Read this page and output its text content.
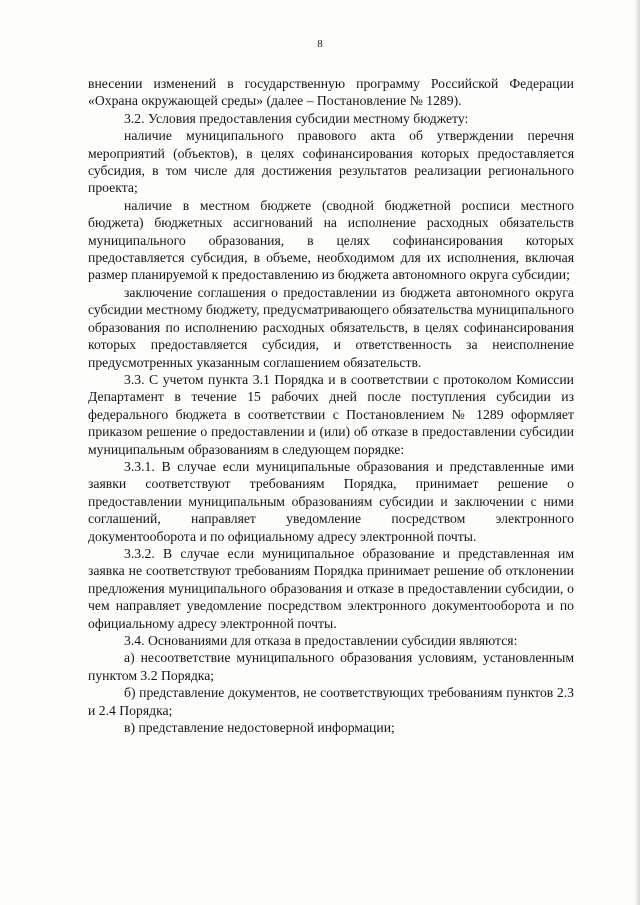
8

внесении изменений в государственную программу Российской Федерации «Охрана окружающей среды» (далее – Постановление № 1289).

3.2. Условия предоставления субсидии местному бюджету:

наличие муниципального правового акта об утверждении перечня мероприятий (объектов), в целях софинансирования которых предоставляется субсидия, в том числе для достижения результатов реализации регионального проекта;

наличие в местном бюджете (сводной бюджетной росписи местного бюджета) бюджетных ассигнований на исполнение расходных обязательств муниципального образования, в целях софинансирования которых предоставляется субсидия, в объеме, необходимом для их исполнения, включая размер планируемой к предоставлению из бюджета автономного округа субсидии;

заключение соглашения о предоставлении из бюджета автономного округа субсидии местному бюджету, предусматривающего обязательства муниципального образования по исполнению расходных обязательств, в целях софинансирования которых предоставляется субсидия, и ответственность за неисполнение предусмотренных указанным соглашением обязательств.

3.3. С учетом пункта 3.1 Порядка и в соответствии с протоколом Комиссии Департамент в течение 15 рабочих дней после поступления субсидии из федерального бюджета в соответствии с Постановлением № 1289 оформляет приказом решение о предоставлении и (или) об отказе в предоставлении субсидии муниципальным образованиям в следующем порядке:

3.3.1. В случае если муниципальные образования и представленные ими заявки соответствуют требованиям Порядка, принимает решение о предоставлении муниципальным образованиям субсидии и заключении с ними соглашений, направляет уведомление посредством электронного документооборота и по официальному адресу электронной почты.

3.3.2. В случае если муниципальное образование и представленная им заявка не соответствуют требованиям Порядка принимает решение об отклонении предложения муниципального образования и отказе в предоставлении субсидии, о чем направляет уведомление посредством электронного документооборота и по официальному адресу электронной почты.

3.4. Основаниями для отказа в предоставлении субсидии являются:

а) несоответствие муниципального образования условиям, установленным пунктом 3.2 Порядка;

б) представление документов, не соответствующих требованиям пунктов 2.3 и 2.4 Порядка;

в) представление недостоверной информации;
